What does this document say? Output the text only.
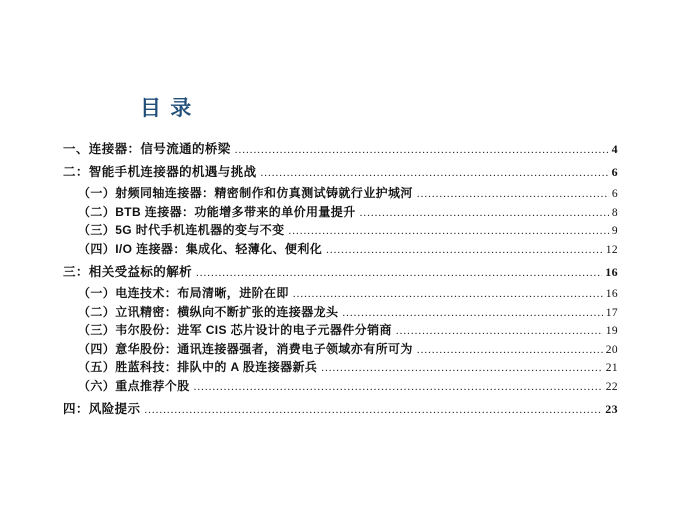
目 录
一、连接器：信号流通的桥梁 .....	4
二：智能手机连接器的机遇与挑战 .....	6
（一）射频同轴连接器：精密制作和仿真测试铸就行业护城河 .....	6
（二）BTB 连接器：功能增多带来的单价用量提升 .....	8
（三）5G 时代手机连机器的变与不变 .....	9
（四）I/O 连接器：集成化、轻薄化、便利化 .....	12
三：相关受益标的解析 .....	16
（一）电连技术：布局清晰，进阶在即 .....	16
（二）立讯精密：横纵向不断扩张的连接器龙头 .....	17
（三）韦尔股份：进军 CIS 芯片设计的电子元器件分销商 .....	19
（四）意华股份：通讯连接器强者，消费电子领域亦有所可为 .....	20
（五）胜蓝科技：排队中的 A 股连接器新兵 .....	21
（六）重点推荐个股 .....	22
四：风险提示 .....	23
